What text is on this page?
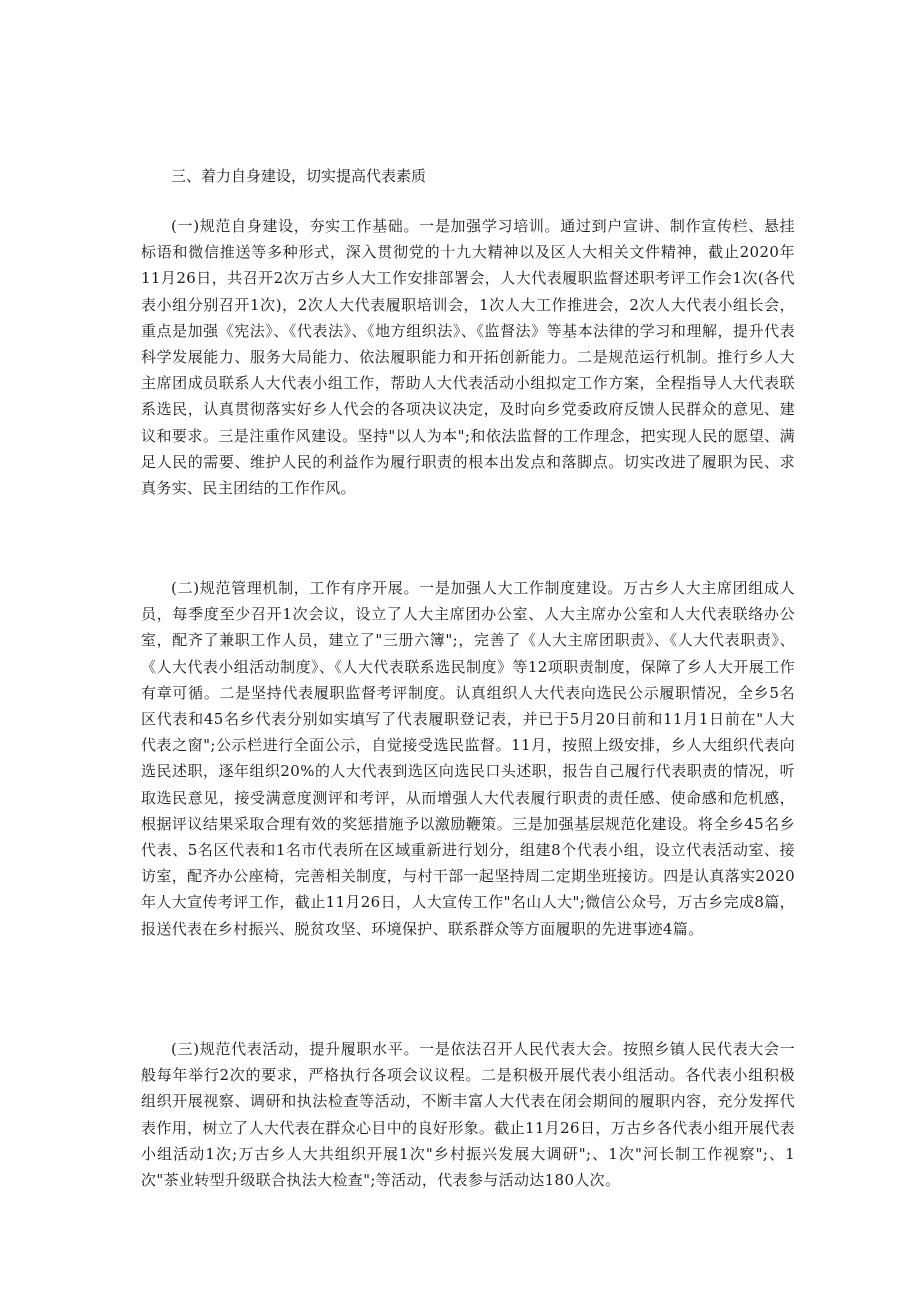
三、着力自身建设，切实提高代表素质

(一)规范自身建设，夯实工作基础。一是加强学习培训。通过到户宣讲、制作宣传栏、悬挂标语和微信推送等多种形式，深入贯彻党的十九大精神以及区人大相关文件精神，截止2020年11月26日，共召开2次万古乡人大工作安排部署会，人大代表履职监督述职考评工作会1次(各代表小组分别召开1次)，2次人大代表履职培训会，1次人大工作推进会，2次人大代表小组长会，重点是加强《宪法》、《代表法》、《地方组织法》、《监督法》等基本法律的学习和理解，提升代表科学发展能力、服务大局能力、依法履职能力和开拓创新能力。二是规范运行机制。推行乡人大主席团成员联系人大代表小组工作，帮助人大代表活动小组拟定工作方案，全程指导人大代表联系选民，认真贯彻落实好乡人代会的各项决议决定，及时向乡党委政府反馈人民群众的意见、建议和要求。三是注重作风建设。坚持"以人为本";和依法监督的工作理念，把实现人民的愿望、满足人民的需要、维护人民的利益作为履行职责的根本出发点和落脚点。切实改进了履职为民、求真务实、民主团结的工作作风。

(二)规范管理机制，工作有序开展。一是加强人大工作制度建设。万古乡人大主席团组成人员，每季度至少召开1次会议，设立了人大主席团办公室、人大主席办公室和人大代表联络办公室，配齐了兼职工作人员，建立了"三册六簿";，完善了《人大主席团职责》、《人大代表职责》、《人大代表小组活动制度》、《人大代表联系选民制度》等12项职责制度，保障了乡人大开展工作有章可循。二是坚持代表履职监督考评制度。认真组织人大代表向选民公示履职情况，全乡5名区代表和45名乡代表分别如实填写了代表履职登记表，并已于5月20日前和11月1日前在"人大代表之窗";公示栏进行全面公示，自觉接受选民监督。11月，按照上级安排，乡人大组织代表向选民述职，逐年组织20%的人大代表到选区向选民口头述职，报告自己履行代表职责的情况，听取选民意见，接受满意度测评和考评，从而增强人大代表履行职责的责任感、使命感和危机感，根据评议结果采取合理有效的奖惩措施予以激励鞭策。三是加强基层规范化建设。将全乡45名乡代表、5名区代表和1名市代表所在区域重新进行划分，组建8个代表小组，设立代表活动室、接访室，配齐办公座椅，完善相关制度，与村干部一起坚持周二定期坐班接访。四是认真落实2020年人大宣传考评工作，截止11月26日，人大宣传工作"名山人大";微信公众号，万古乡完成8篇，报送代表在乡村振兴、脱贫攻坚、环境保护、联系群众等方面履职的先进事迹4篇。

(三)规范代表活动，提升履职水平。一是依法召开人民代表大会。按照乡镇人民代表大会一般每年举行2次的要求，严格执行各项会议议程。二是积极开展代表小组活动。各代表小组积极组织开展视察、调研和执法检查等活动，不断丰富人大代表在闭会期间的履职内容，充分发挥代表作用，树立了人大代表在群众心目中的良好形象。截止11月26日，万古乡各代表小组开展代表小组活动1次;万古乡人大共组织开展1次"乡村振兴发展大调研";、1次"河长制工作视察";、1次"茶业转型升级联合执法大检查";等活动，代表参与活动达180人次。
